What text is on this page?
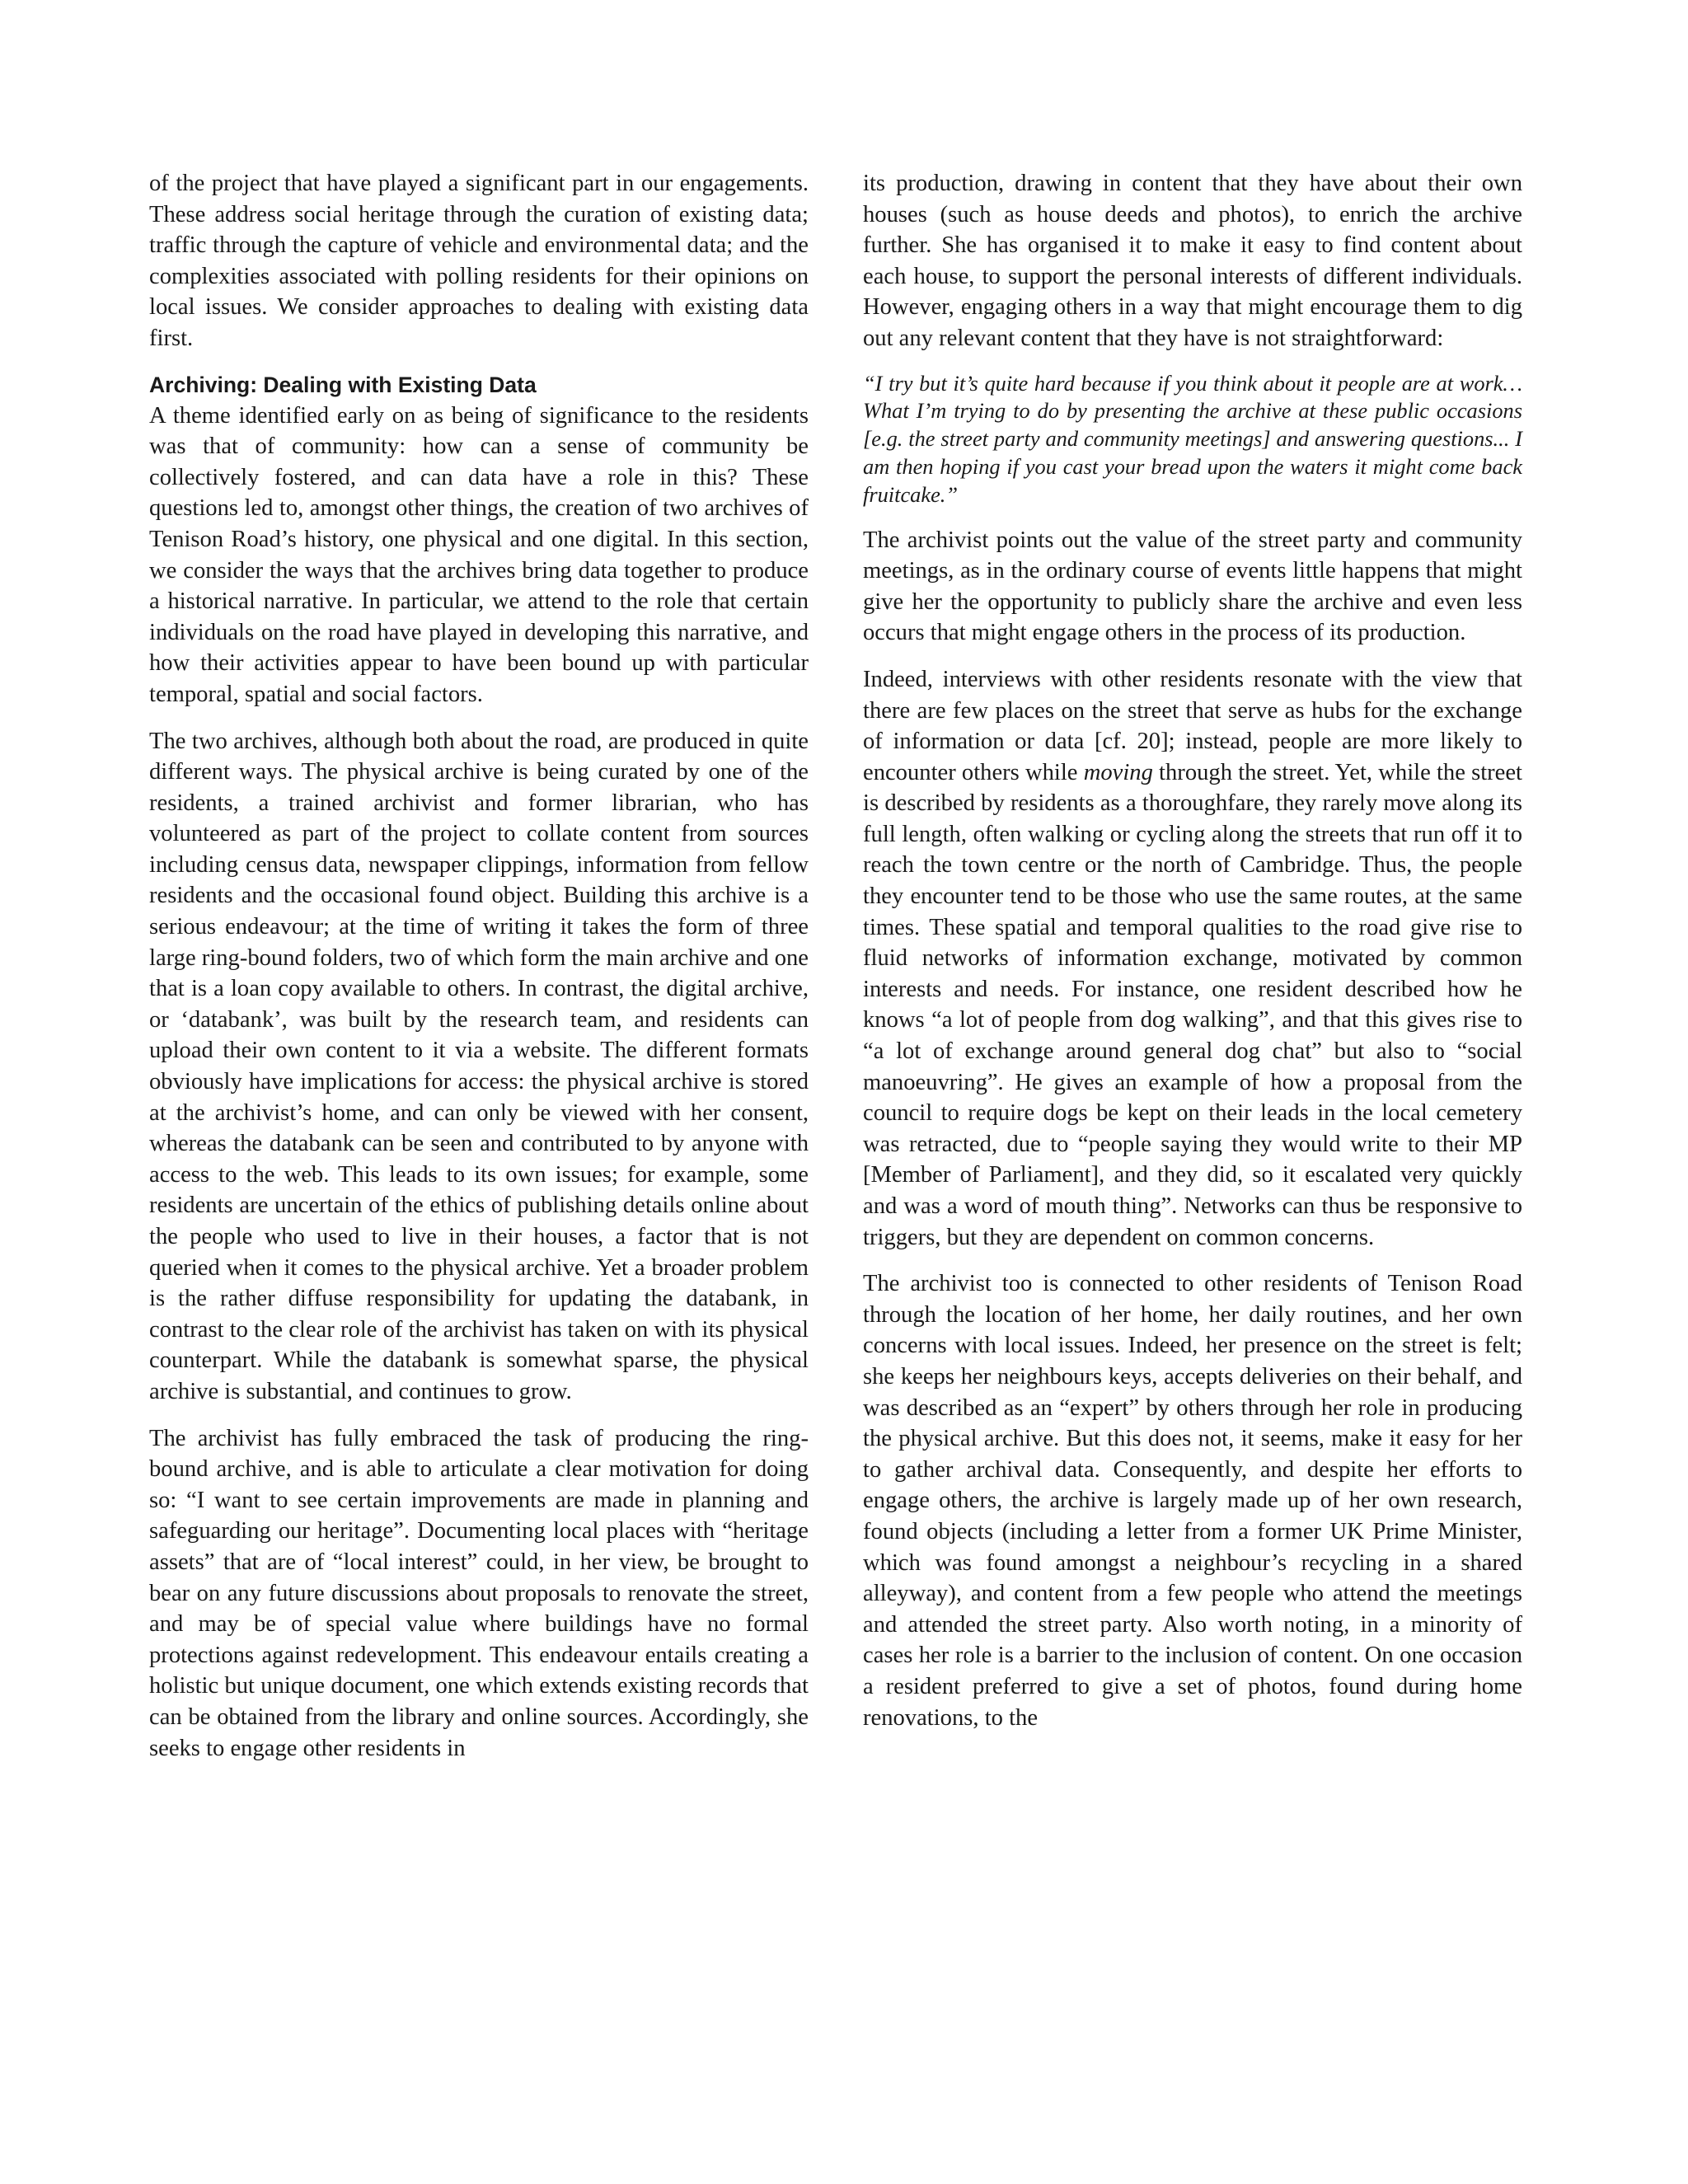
of the project that have played a significant part in our engagements. These address social heritage through the curation of existing data; traffic through the capture of vehicle and environmental data; and the complexities associated with polling residents for their opinions on local issues. We consider approaches to dealing with existing data first.

Archiving: Dealing with Existing Data

A theme identified early on as being of significance to the residents was that of community: how can a sense of community be collectively fostered, and can data have a role in this? These questions led to, amongst other things, the creation of two archives of Tenison Road’s history, one physical and one digital. In this section, we consider the ways that the archives bring data together to produce a historical narrative. In particular, we attend to the role that certain individuals on the road have played in developing this narrative, and how their activities appear to have been bound up with particular temporal, spatial and social factors.

The two archives, although both about the road, are produced in quite different ways. The physical archive is being curated by one of the residents, a trained archivist and former librarian, who has volunteered as part of the project to collate content from sources including census data, newspaper clippings, information from fellow residents and the occasional found object. Building this archive is a serious endeavour; at the time of writing it takes the form of three large ring-bound folders, two of which form the main archive and one that is a loan copy available to others. In contrast, the digital archive, or ‘databank’, was built by the research team, and residents can upload their own content to it via a website. The different formats obviously have implications for access: the physical archive is stored at the archivist’s home, and can only be viewed with her consent, whereas the databank can be seen and contributed to by anyone with access to the web. This leads to its own issues; for example, some residents are uncertain of the ethics of publishing details online about the people who used to live in their houses, a factor that is not queried when it comes to the physical archive. Yet a broader problem is the rather diffuse responsibility for updating the databank, in contrast to the clear role of the archivist has taken on with its physical counterpart. While the databank is somewhat sparse, the physical archive is substantial, and continues to grow.

The archivist has fully embraced the task of producing the ring-bound archive, and is able to articulate a clear motivation for doing so: “I want to see certain improvements are made in planning and safeguarding our heritage”. Documenting local places with “heritage assets” that are of “local interest” could, in her view, be brought to bear on any future discussions about proposals to renovate the street, and may be of special value where buildings have no formal protections against redevelopment. This endeavour entails creating a holistic but unique document, one which extends existing records that can be obtained from the library and online sources. Accordingly, she seeks to engage other residents in

its production, drawing in content that they have about their own houses (such as house deeds and photos), to enrich the archive further. She has organised it to make it easy to find content about each house, to support the personal interests of different individuals. However, engaging others in a way that might encourage them to dig out any relevant content that they have is not straightforward:

“I try but it’s quite hard because if you think about it people are at work… What I’m trying to do by presenting the archive at these public occasions [e.g. the street party and community meetings] and answering questions... I am then hoping if you cast your bread upon the waters it might come back fruitcake.”

The archivist points out the value of the street party and community meetings, as in the ordinary course of events little happens that might give her the opportunity to publicly share the archive and even less occurs that might engage others in the process of its production.

Indeed, interviews with other residents resonate with the view that there are few places on the street that serve as hubs for the exchange of information or data [cf. 20]; instead, people are more likely to encounter others while moving through the street. Yet, while the street is described by residents as a thoroughfare, they rarely move along its full length, often walking or cycling along the streets that run off it to reach the town centre or the north of Cambridge. Thus, the people they encounter tend to be those who use the same routes, at the same times. These spatial and temporal qualities to the road give rise to fluid networks of information exchange, motivated by common interests and needs. For instance, one resident described how he knows “a lot of people from dog walking”, and that this gives rise to “a lot of exchange around general dog chat” but also to “social manoeuvring”. He gives an example of how a proposal from the council to require dogs be kept on their leads in the local cemetery was retracted, due to “people saying they would write to their MP [Member of Parliament], and they did, so it escalated very quickly and was a word of mouth thing”. Networks can thus be responsive to triggers, but they are dependent on common concerns.

The archivist too is connected to other residents of Tenison Road through the location of her home, her daily routines, and her own concerns with local issues. Indeed, her presence on the street is felt; she keeps her neighbours keys, accepts deliveries on their behalf, and was described as an “expert” by others through her role in producing the physical archive. But this does not, it seems, make it easy for her to gather archival data. Consequently, and despite her efforts to engage others, the archive is largely made up of her own research, found objects (including a letter from a former UK Prime Minister, which was found amongst a neighbour’s recycling in a shared alleyway), and content from a few people who attend the meetings and attended the street party. Also worth noting, in a minority of cases her role is a barrier to the inclusion of content. On one occasion a resident preferred to give a set of photos, found during home renovations, to the
